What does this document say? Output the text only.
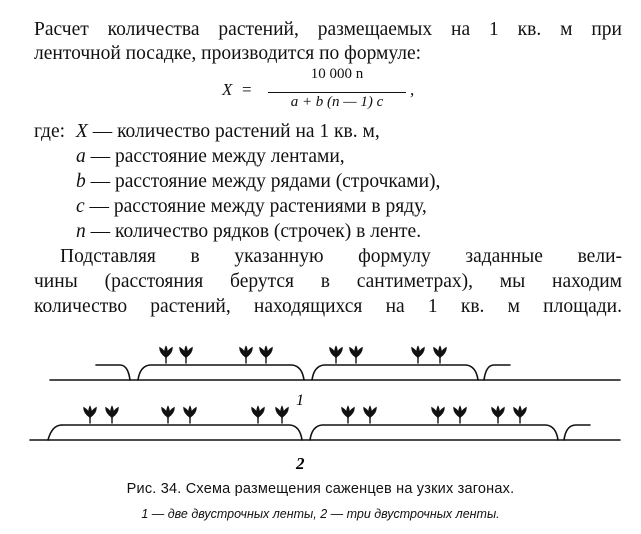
Расчет количества растений, размещаемых на 1 кв. м при
ленточной посадке, производится по формуле:
X =
10 000 n
a + b (n — 1) c
,
где: X — количество растений на 1 кв. м,
a — расстояние между лентами,
b — расстояние между рядами (строчками),
c — расстояние между растениями в ряду,
n — количество рядков (строчек) в ленте.
Подставляя в указанную формулу заданные вели-
чины (расстояния берутся в сантиметрах), мы находим
количество растений, находящихся на 1 кв. м площади.
1
2
Рис. 34. Схема размещения саженцев на узких загонах.
1 — две двустрочных ленты, 2 — три двустрочных ленты.
